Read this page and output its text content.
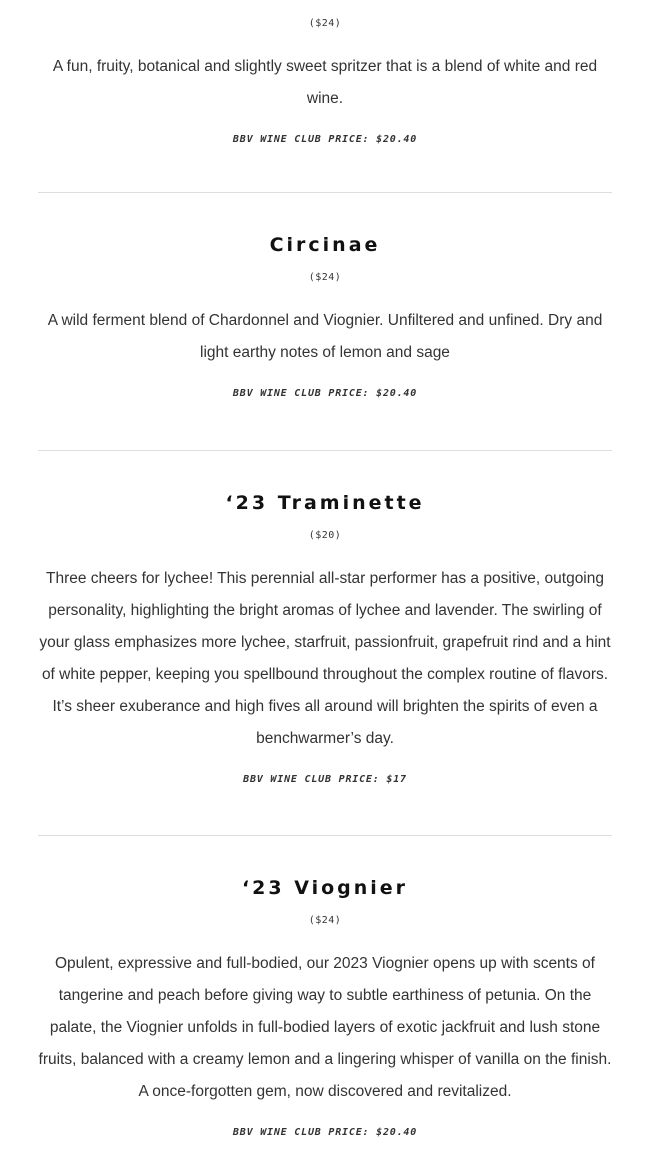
($24)

A fun, fruity, botanical and slightly sweet spritzer that is a blend of white and red wine.

BBV WINE CLUB PRICE: $20.40
Circinae
($24)

A wild ferment blend of Chardonnel and Viognier. Unfiltered and unfined. Dry and light earthy notes of lemon and sage

BBV WINE CLUB PRICE: $20.40
‘23 Traminette
($20)

Three cheers for lychee! This perennial all-star performer has a positive, outgoing personality, highlighting the bright aromas of lychee and lavender. The swirling of your glass emphasizes more lychee, starfruit, passionfruit, grapefruit rind and a hint of white pepper, keeping you spellbound throughout the complex routine of flavors. It’s sheer exuberance and high fives all around will brighten the spirits of even a benchwarmer’s day.

BBV WINE CLUB PRICE: $17
‘23 Viognier
($24)

Opulent, expressive and full-bodied, our 2023 Viognier opens up with scents of tangerine and peach before giving way to subtle earthiness of petunia. On the palate, the Viognier unfolds in full-bodied layers of exotic jackfruit and lush stone fruits, balanced with a creamy lemon and a lingering whisper of vanilla on the finish. A once-forgotten gem, now discovered and revitalized.

BBV WINE CLUB PRICE: $20.40
